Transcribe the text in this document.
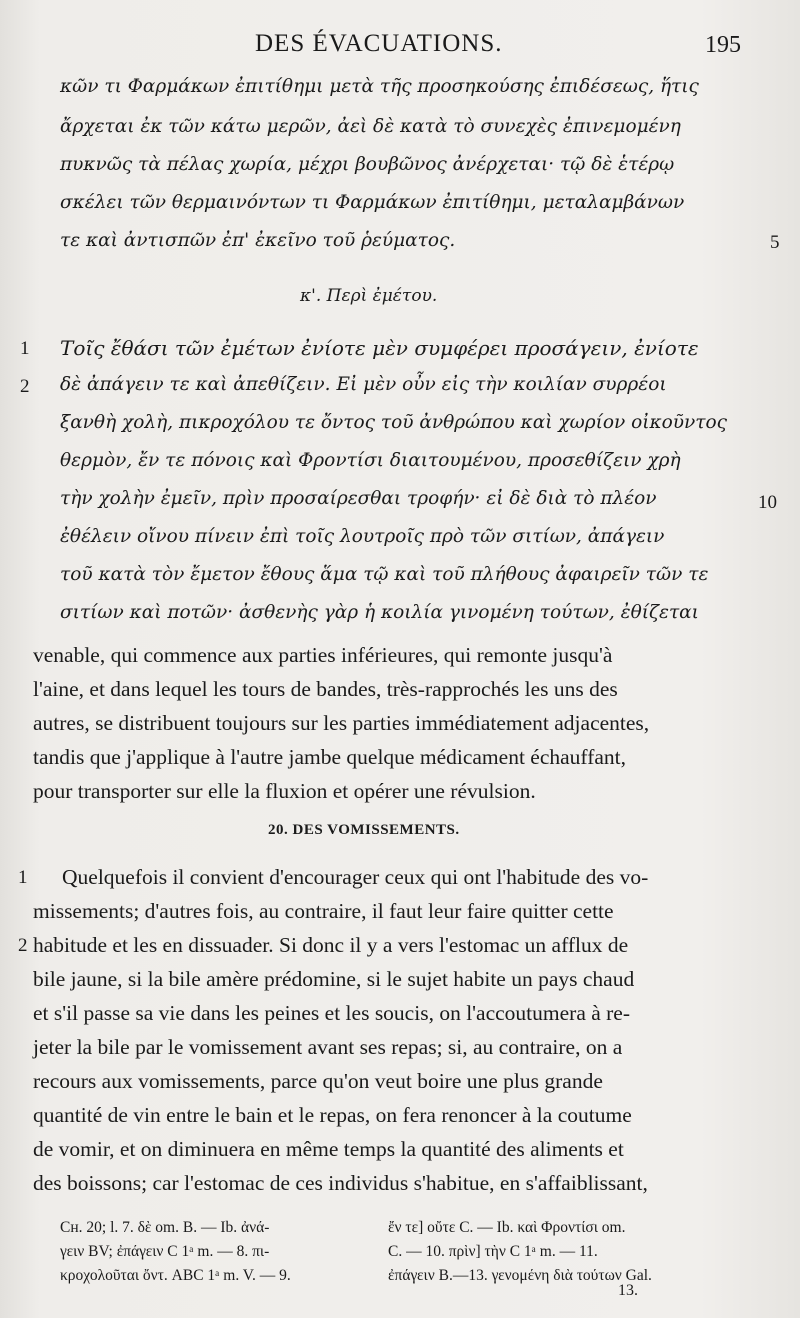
DES ÉVACUATIONS.	195
κῶν τι Φαρμάκων ἐπιτίθημι μετὰ τῆς προσηκούσης ἐπιδέσεως, ἥτις
ἄρχεται ἐκ τῶν κάτω μερῶν, ἀεὶ δὲ κατὰ τὸ συνεχὲς ἐπινεμομένη
πυκνῶς τὰ πέλας χωρία, μέχρι βουβῶνος ἀνέρχεται· τῷ δὲ ἑτέρῳ
σκέλει τῶν θερμαινόντων τι Φαρμάκων ἐπιτίθημι, μεταλαμβάνων
τε καὶ ἀντισπῶν ἐπ' ἐκεῖνο τοῦ ῥεύματος.	5
κ'. Περὶ ἐμέτου.
Τοῖς ἔθάσι τῶν ἐμέτων ἐνίοτε μὲν συμφέρει προσάγειν, ἐνίοτε
δὲ ἀπάγειν τε καὶ ἀπεθίζειν. Εἰ μὲν οὖν εἰς τὴν κοιλίαν συρρέοι
ξανθὴ χολὴ, πικροχόλου τε ὄντος τοῦ ἀνθρώπου καὶ χωρίον οἰκοῦντος
θερμὸν, ἔν τε πόνοις καὶ Φροντίσι διαιτουμένου, προσεθίζειν χρὴ
τὴν χολὴν ἐμεῖν, πρὶν προσαίρεσθαι τροφήν· εἰ δὲ διὰ τὸ πλέον
ἐθέλειν οἴνου πίνειν ἐπὶ τοῖς λουτροῖς πρὸ τῶν σιτίων, ἀπάγειν
τοῦ κατὰ τὸν ἔμετον ἔθους ἅμα τῷ καὶ τοῦ πλήθους ἀφαιρεῖν τῶν τε
σιτίων καὶ ποτῶν· ἀσθενὴς γὰρ ἡ κοιλία γινομένη τούτων, ἐθίζεται
1
2
10
venable, qui commence aux parties inférieures, qui remonte jusqu'à
l'aine, et dans lequel les tours de bandes, très-rapprochés les uns des
autres, se distribuent toujours sur les parties immédiatement adjacentes,
tandis que j'applique à l'autre jambe quelque médicament échauffant,
pour transporter sur elle la fluxion et opérer une révulsion.
20. DES VOMISSEMENTS.
Quelquefois il convient d'encourager ceux qui ont l'habitude des vo-
missements; d'autres fois, au contraire, il faut leur faire quitter cette
habitude et les en dissuader. Si donc il y a vers l'estomac un afflux de
bile jaune, si la bile amère prédomine, si le sujet habite un pays chaud
et s'il passe sa vie dans les peines et les soucis, on l'accoutumera à re-
jeter la bile par le vomissement avant ses repas; si, au contraire, on a
recours aux vomissements, parce qu'on veut boire une plus grande
quantité de vin entre le bain et le repas, on fera renoncer à la coutume
de vomir, et on diminuera en même temps la quantité des aliments et
des boissons; car l'estomac de ces individus s'habitue, en s'affaiblissant,
1
2
Cʜ. 20; l. 7. δὲ om. B. — Ib. ἀνά-
γειν BV; ἐπάγειν C 1ᵃ m. — 8. πι-
κροχολοῦται ὄντ. ABC 1ᵃ m. V. — 9.
ἔν τε] οὔτε C. — Ib. καὶ Φροντίσι om.
C. — 10. πρὶν] τὴν C 1ᵃ m. — 11.
ἐπάγειν B.—13. γενομένη διὰ τούτων Gal.
13.
